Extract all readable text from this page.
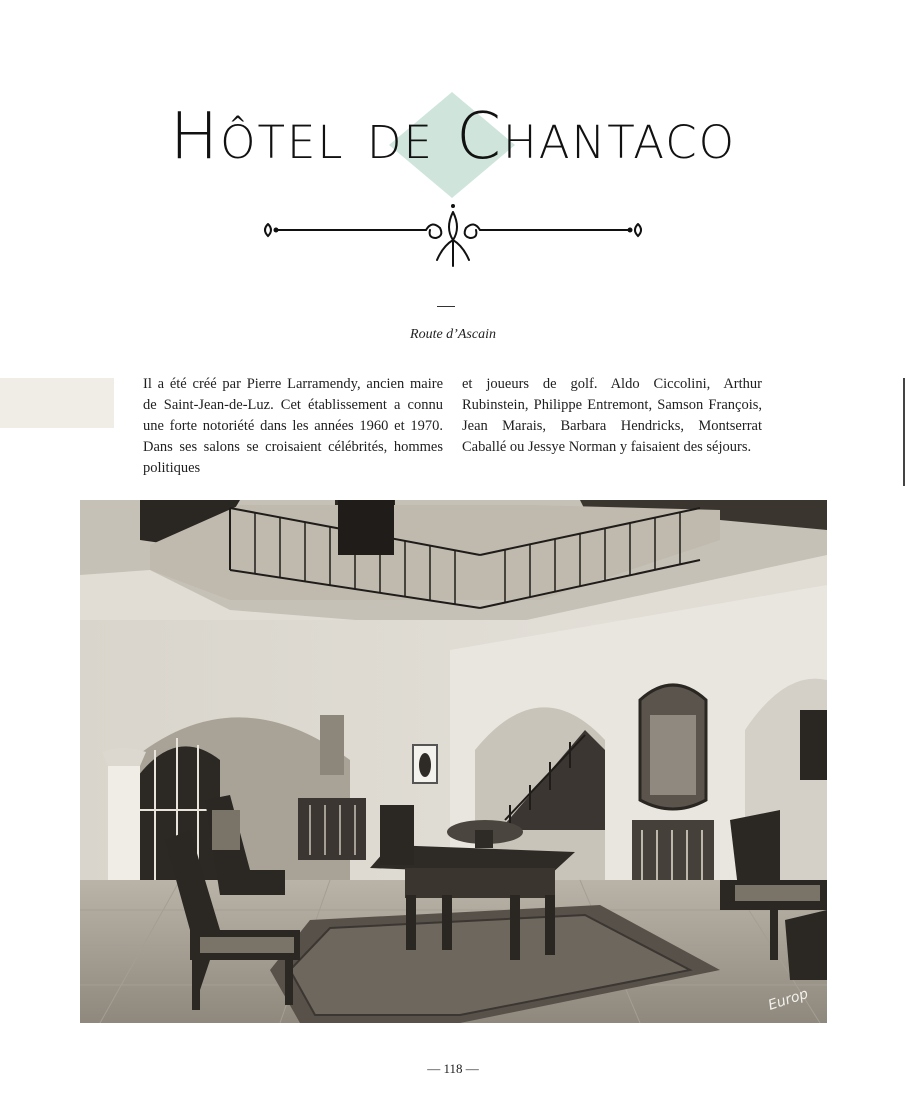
Hôtel de Chantaco
Route d’Ascain
Il a été créé par Pierre Larramendy, ancien maire de Saint-Jean-de-Luz. Cet établissement a connu une forte notoriété dans les années 1960 et 1970. Dans ses salons se croisaient célébrités, hommes politiques
et joueurs de golf. Aldo Ciccolini, Arthur Rubinstein, Philippe Entremont, Samson François, Jean Marais, Barbara Hendricks, Montserrat Caballé ou Jessye Norman y faisaient des séjours.
Europ
— 118 —
